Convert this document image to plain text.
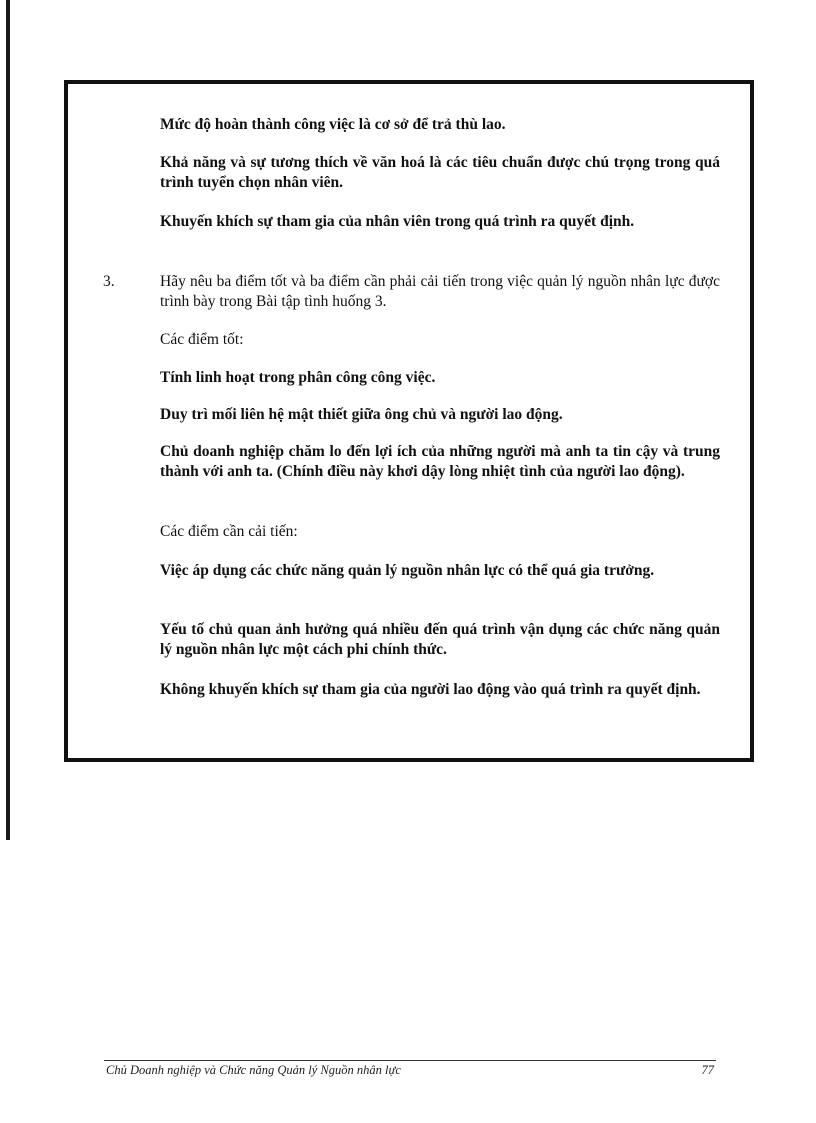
Mức độ hoàn thành công việc là cơ sở để trả thù lao.

Khả năng và sự tương thích về văn hoá là các tiêu chuẩn được chú trọng trong quá trình tuyển chọn nhân viên.

Khuyến khích sự tham gia của nhân viên trong quá trình ra quyết định.

3.	Hãy nêu ba điểm tốt và ba điểm cần phải cải tiến trong việc quản lý nguồn nhân lực được trình bày trong Bài tập tình huống 3.

Các điểm tốt:

Tính linh hoạt trong phân công công việc.

Duy trì mối liên hệ mật thiết giữa ông chủ và người lao động.

Chủ doanh nghiệp chăm lo đến lợi ích của những người mà anh ta tin cậy và trung thành với anh ta. (Chính điều này khơi dậy lòng nhiệt tình của người lao động).

Các điểm cần cải tiến:

Việc áp dụng các chức năng quản lý nguồn nhân lực có thể quá gia trưởng.

Yếu tố chủ quan ảnh hưởng quá nhiều đến quá trình vận dụng các chức năng quản lý nguồn nhân lực một cách phi chính thức.

Không khuyến khích sự tham gia của người lao động vào quá trình ra quyết định.

Chủ Doanh nghiệp và Chức năng Quản lý Nguồn nhân lực	77
